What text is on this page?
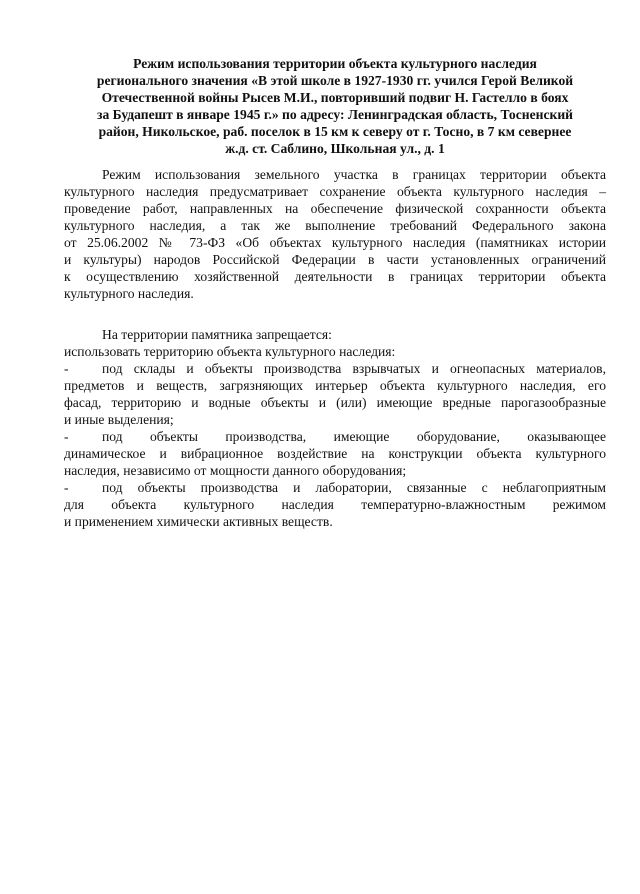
Режим использования территории объекта культурного наследия
регионального значения «В этой школе в 1927-1930 гг. учился Герой Великой
Отечественной войны Рысев М.И., повторивший подвиг Н. Гастелло в боях
за Будапешт в январе 1945 г.» по адресу: Ленинградская область, Тосненский
район, Никольское, раб. поселок в 15 км к северу от г. Тосно, в 7 км севернее
ж.д. ст. Саблино, Школьная ул., д. 1
Режим использования земельного участка в границах территории объекта
культурного наследия предусматривает сохранение объекта культурного наследия –
проведение работ, направленных на обеспечение физической сохранности объекта
культурного наследия, а так же выполнение требований Федерального закона
от 25.06.2002 № 73-ФЗ «Об объектах культурного наследия (памятниках истории
и культуры) народов Российской Федерации в части установленных ограничений
к осуществлению хозяйственной деятельности в границах территории объекта
культурного наследия.
На территории памятника запрещается:
использовать территорию объекта культурного наследия:
-	под склады и объекты производства взрывчатых и огнеопасных материалов,
предметов и веществ, загрязняющих интерьер объекта культурного наследия, его
фасад, территорию и водные объекты и (или) имеющие вредные парогазообразные
и иные выделения;
-	под объекты производства, имеющие оборудование, оказывающее
динамическое и вибрационное воздействие на конструкции объекта культурного
наследия, независимо от мощности данного оборудования;
-	под объекты производства и лаборатории, связанные с неблагоприятным
для объекта культурного наследия температурно-влажностным режимом
и применением химически активных веществ.
